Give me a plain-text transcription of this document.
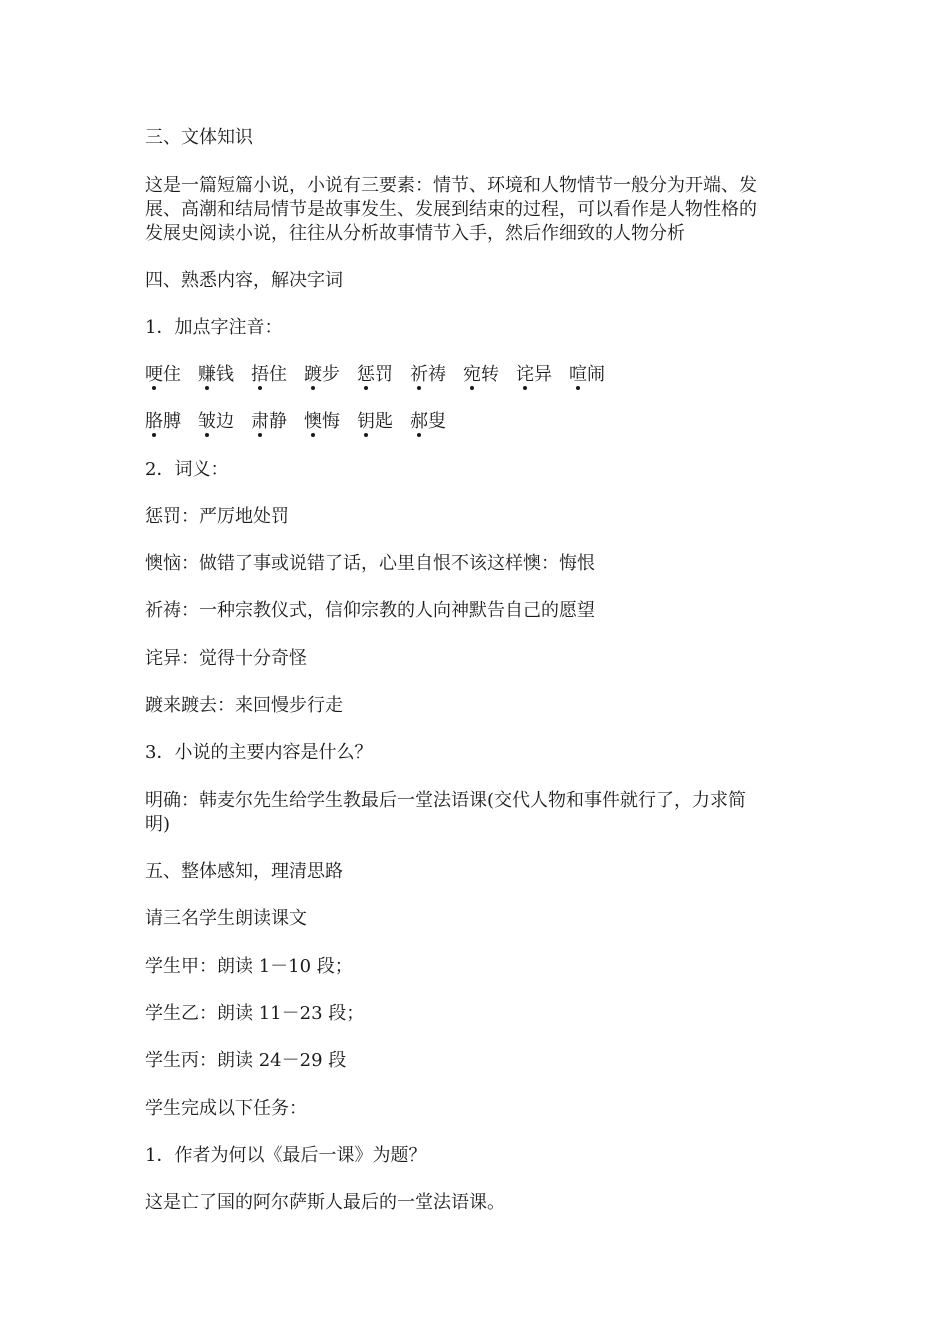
三、文体知识
这是一篇短篇小说，小说有三要素：情节、环境和人物情节一般分为开端、发
展、高潮和结局情节是故事发生、发展到结束的过程，可以看作是人物性格的
发展史阅读小说，往往从分析故事情节入手，然后作细致的人物分析
四、熟悉内容，解决字词
1．加点字注音：
哽住 赚钱 捂住 踱步 惩罚 祈祷 宛转 诧异 喧闹
胳膊 皱边 肃静 懊悔 钥匙 郝叟
2．词义：
惩罚：严厉地处罚
懊恼：做错了事或说错了话，心里自恨不该这样懊：悔恨
祈祷：一种宗教仪式，信仰宗教的人向神默告自己的愿望
诧异：觉得十分奇怪
踱来踱去：来回慢步行走
3．小说的主要内容是什么？
明确：韩麦尔先生给学生教最后一堂法语课(交代人物和事件就行了，力求简
明)
五、整体感知，理清思路
请三名学生朗读课文
学生甲：朗读 1－10 段；
学生乙：朗读 11－23 段；
学生丙：朗读 24－29 段
学生完成以下任务：
1．作者为何以《最后一课》为题？
这是亡了国的阿尔萨斯人最后的一堂法语课。
